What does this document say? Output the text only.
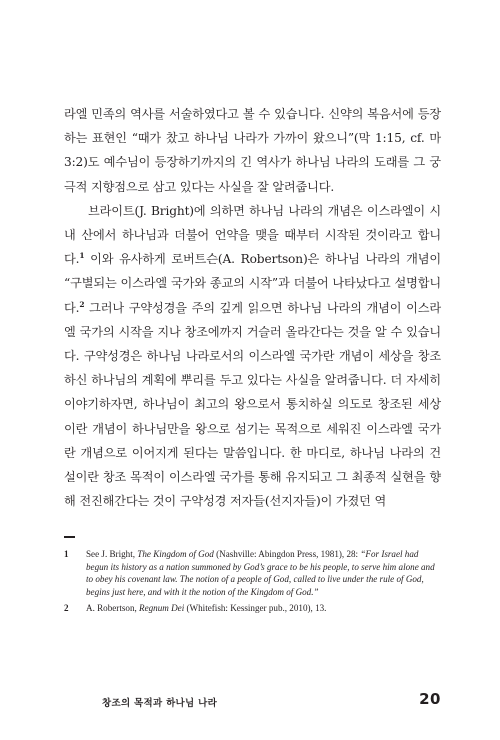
라엘 민족의 역사를 서술하였다고 볼 수 있습니다. 신약의 복음서에 등장하는 표현인 “때가 찼고 하나님 나라가 가까이 왔으니”(막 1:15, cf. 마 3:2)도 예수님이 등장하기까지의 긴 역사가 하나님 나라의 도래를 그 궁극적 지향점으로 삼고 있다는 사실을 잘 알려줍니다.

브라이트(J. Bright)에 의하면 하나님 나라의 개념은 이스라엘이 시내 산에서 하나님과 더불어 언약을 맺을 때부터 시작된 것이라고 합니다.$^1$ 이와 유사하게 로버트슨(A. Robertson)은 하나님 나라의 개념이 “구별되는 이스라엘 국가와 종교의 시작”과 더불어 나타났다고 설명합니다.$^2$ 그러나 구약성경을 주의 깊게 읽으면 하나님 나라의 개념이 이스라엘 국가의 시작을 지나 창조에까지 거슬러 올라간다는 것을 알 수 있습니다. 구약성경은 하나님 나라로서의 이스라엘 국가란 개념이 세상을 창조하신 하나님의 계획에 뿌리를 두고 있다는 사실을 알려줍니다. 더 자세히 이야기하자면, 하나님이 최고의 왕으로서 통치하실 의도로 창조된 세상이란 개념이 하나님만을 왕으로 섬기는 목적으로 세워진 이스라엘 국가란 개념으로 이어지게 된다는 말씀입니다. 한 마디로, 하나님 나라의 건설이란 창조 목적이 이스라엘 국가를 통해 유지되고 그 최종적 실현을 향해 전진해간다는 것이 구약성경 저자들(선지자들)이 가졌던 역

1	See J. Bright, The Kingdom of God (Nashville: Abingdon Press, 1981), 28: “For Israel had begun its history as a nation summoned by God’s grace to be his people, to serve him alone and to obey his covenant law. The notion of a people of God, called to live under the rule of God, begins just here, and with it the notion of the Kingdom of God.”
2	A. Robertson, Regnum Dei (Whitefish: Kessinger pub., 2010), 13.
창조의 목적과 하나님 나라	20
